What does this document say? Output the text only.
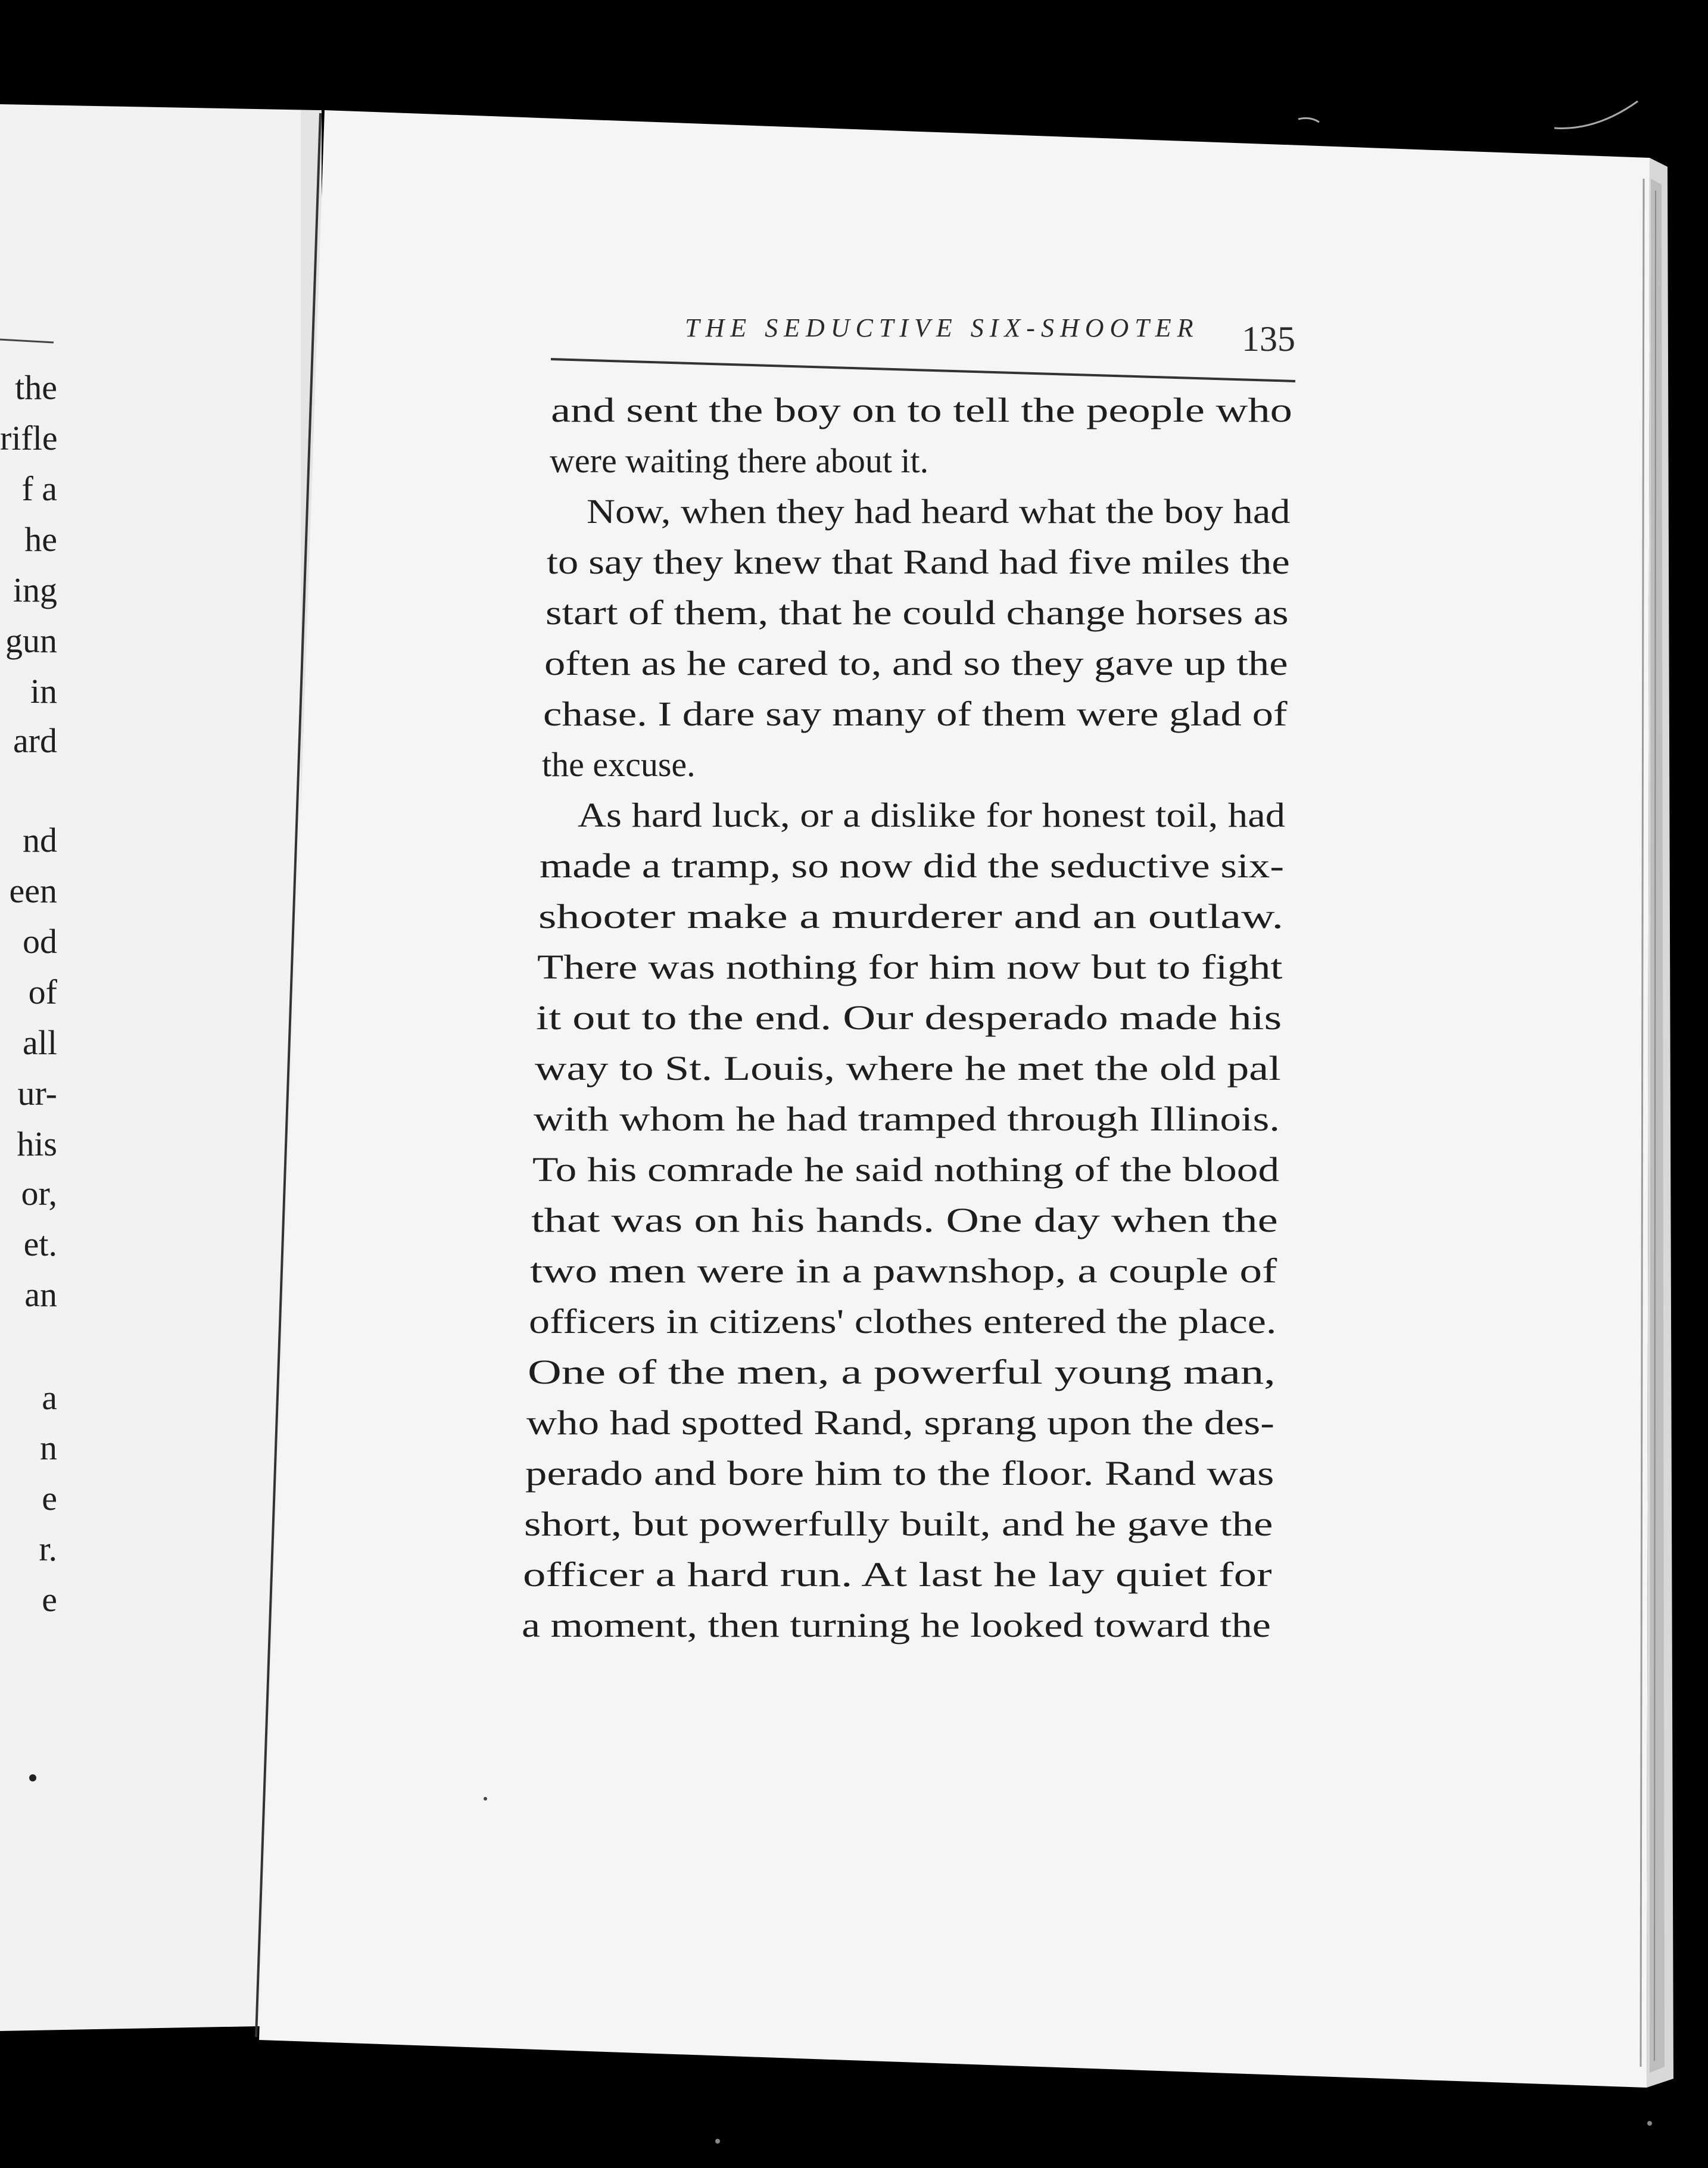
the
rifle
f a
he
ing
gun
in
ard
nd
een
od
of
all
ur-
his
or,
et.
an
a
n
e
r.
e
THE SEDUCTIVE SIX-SHOOTER 135
and sent the boy on to tell the people who
were waiting there about it.
Now, when they had heard what the boy had
to say they knew that Rand had five miles the
start of them, that he could change horses as
often as he cared to, and so they gave up the
chase. I dare say many of them were glad of
the excuse.
As hard luck, or a dislike for honest toil, had
made a tramp, so now did the seductive six-
shooter make a murderer and an outlaw.
There was nothing for him now but to fight
it out to the end. Our desperado made his
way to St. Louis, where he met the old pal
with whom he had tramped through Illinois.
To his comrade he said nothing of the blood
that was on his hands. One day when the
two men were in a pawnshop, a couple of
officers in citizens' clothes entered the place.
One of the men, a powerful young man,
who had spotted Rand, sprang upon the des-
perado and bore him to the floor. Rand was
short, but powerfully built, and he gave the
officer a hard run. At last he lay quiet for
a moment, then turning he looked toward the
